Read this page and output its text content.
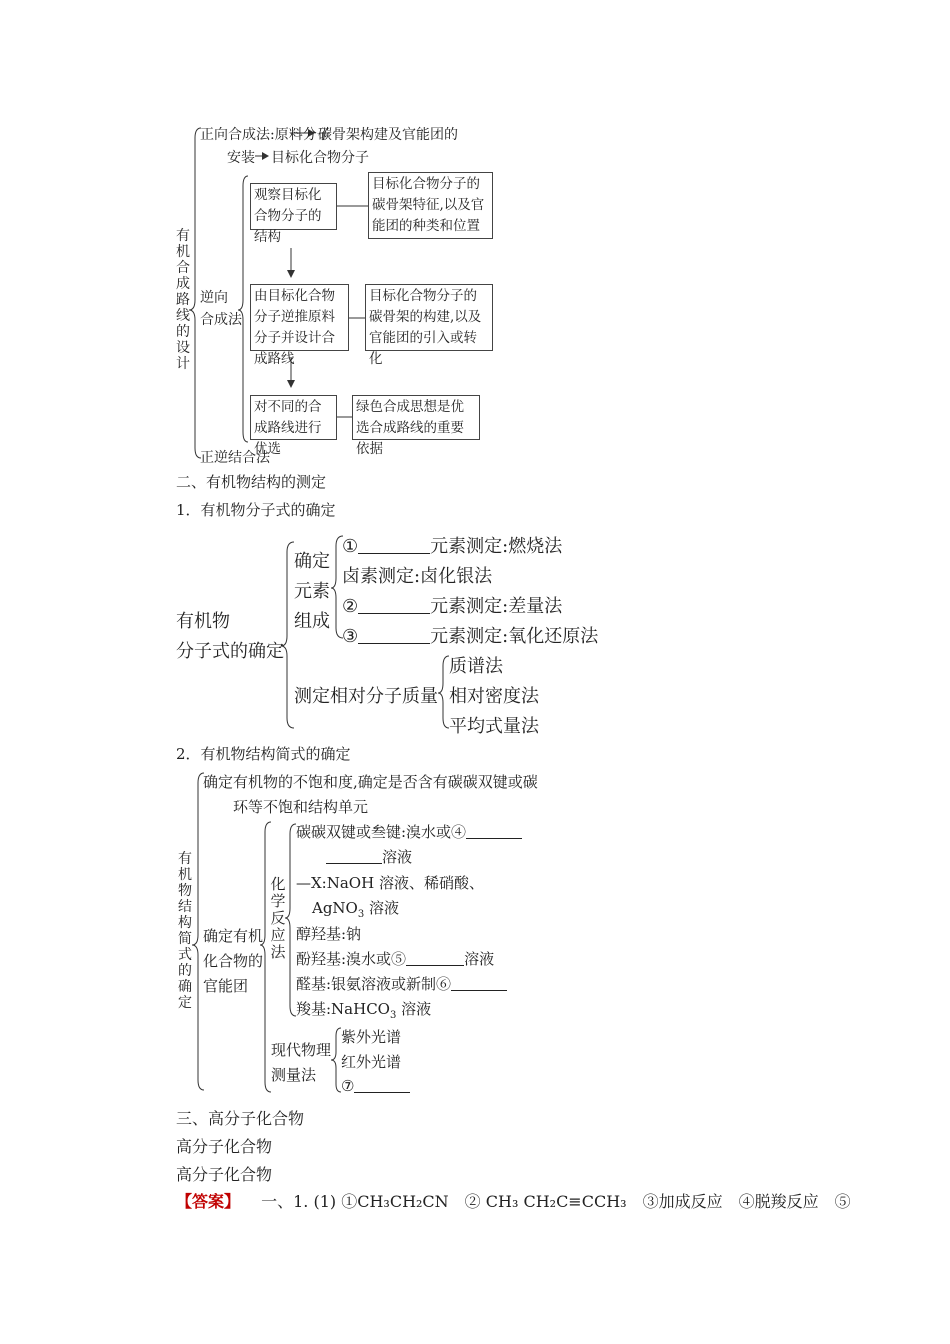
有机合成路线的设计
正向合成法:原料分子
碳骨架构建及官能团的
安装 目标化合物分子
逆向
合成法
观察目标化合物分子的结构
目标化合物分子的碳骨架特征,以及官能团的种类和位置
由目标化合物分子逆推原料分子并设计合成路线
目标化合物分子的碳骨架的构建,以及官能团的引入或转化
对不同的合成路线进行优选
绿色合成思想是优选合成路线的重要依据
正逆结合法
二、有机物结构的测定
1．有机物分子式的确定
有机物
分子式的确定
确定
元素
组成
①	元素测定:燃烧法
卤素测定:卤化银法
②	元素测定:差量法
③	元素测定:氧化还原法
测定相对分子质量
质谱法
相对密度法
平均式量法
2．有机物结构简式的确定
有机物结构简式的确定
确定有机物的不饱和度,确定是否含有碳碳双键或碳
环等不饱和结构单元
确定有机
化合物的
官能团
化学反应法
碳碳双键或叁键:溴水或④
溶液
—X:NaOH 溶液、稀硝酸、
AgNO$_3$ 溶液
醇羟基:钠
酚羟基:溴水或⑤	溶液
醛基:银氨溶液或新制⑥
羧基:NaHCO$_3$ 溶液
现代物理
测量法
紫外光谱
红外光谱
⑦
三、高分子化合物
高分子化合物
高分子化合物
【答案】 一、1. (1) ①CH₃CH₂CN　② CH₃ CH₂C≡CCH₃　③加成反应　④脱羧反应　⑤
